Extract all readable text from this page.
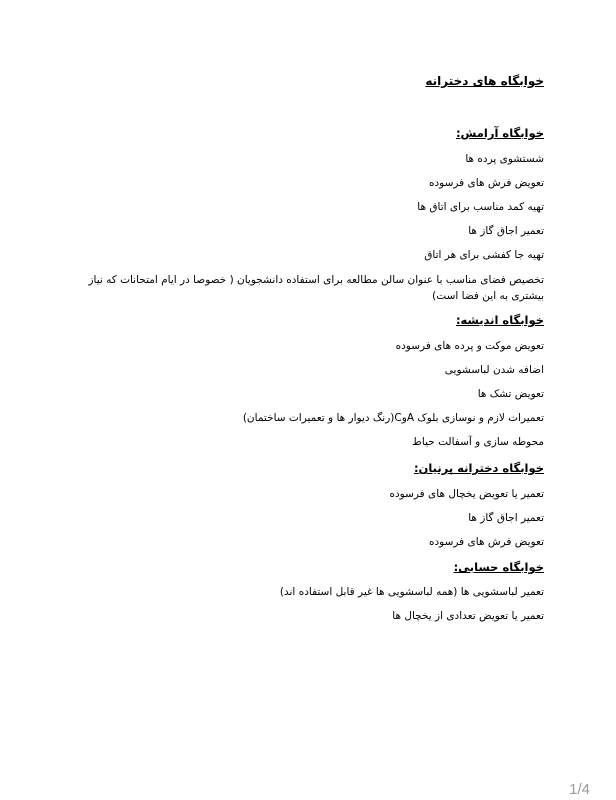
خوابگاه های دخترانه
خوابگاه آرامش:
شستشوی پرده ها
تعویض فرش های فرسوده
تهیه کمد مناسب برای اتاق ها
تعمیر اجاق گاز ها
تهیه جا کفشی برای هر اتاق
تخصیص فضای مناسب با عنوان سالن مطالعه برای استفاده دانشجویان ( خصوصا در ایام امتحانات که نیاز بیشتری به این فضا است)
خوابگاه اندیشه:
تعویض موکت و پرده های فرسوده
اضافه شدن لباسشویی
تعویض تشک ها
تعمیرات لازم و نوسازی بلوک AوC(رنگ دیوار ها و تعمیرات ساختمان)
محوطه سازی و آسفالت حیاط
خوابگاه دخترانه پرنیان:
تعمیر یا تعویض یخچال های فرسوده
تعمیر اجاق گاز ها
تعویض فرش های فرسوده
خوابگاه حسابی:
تعمیر لباسشویی ها (همه لباسشویی ها غیر قابل استفاده اند)
تعمیر یا تعویض تعدادی از یخچال ها
1/4
